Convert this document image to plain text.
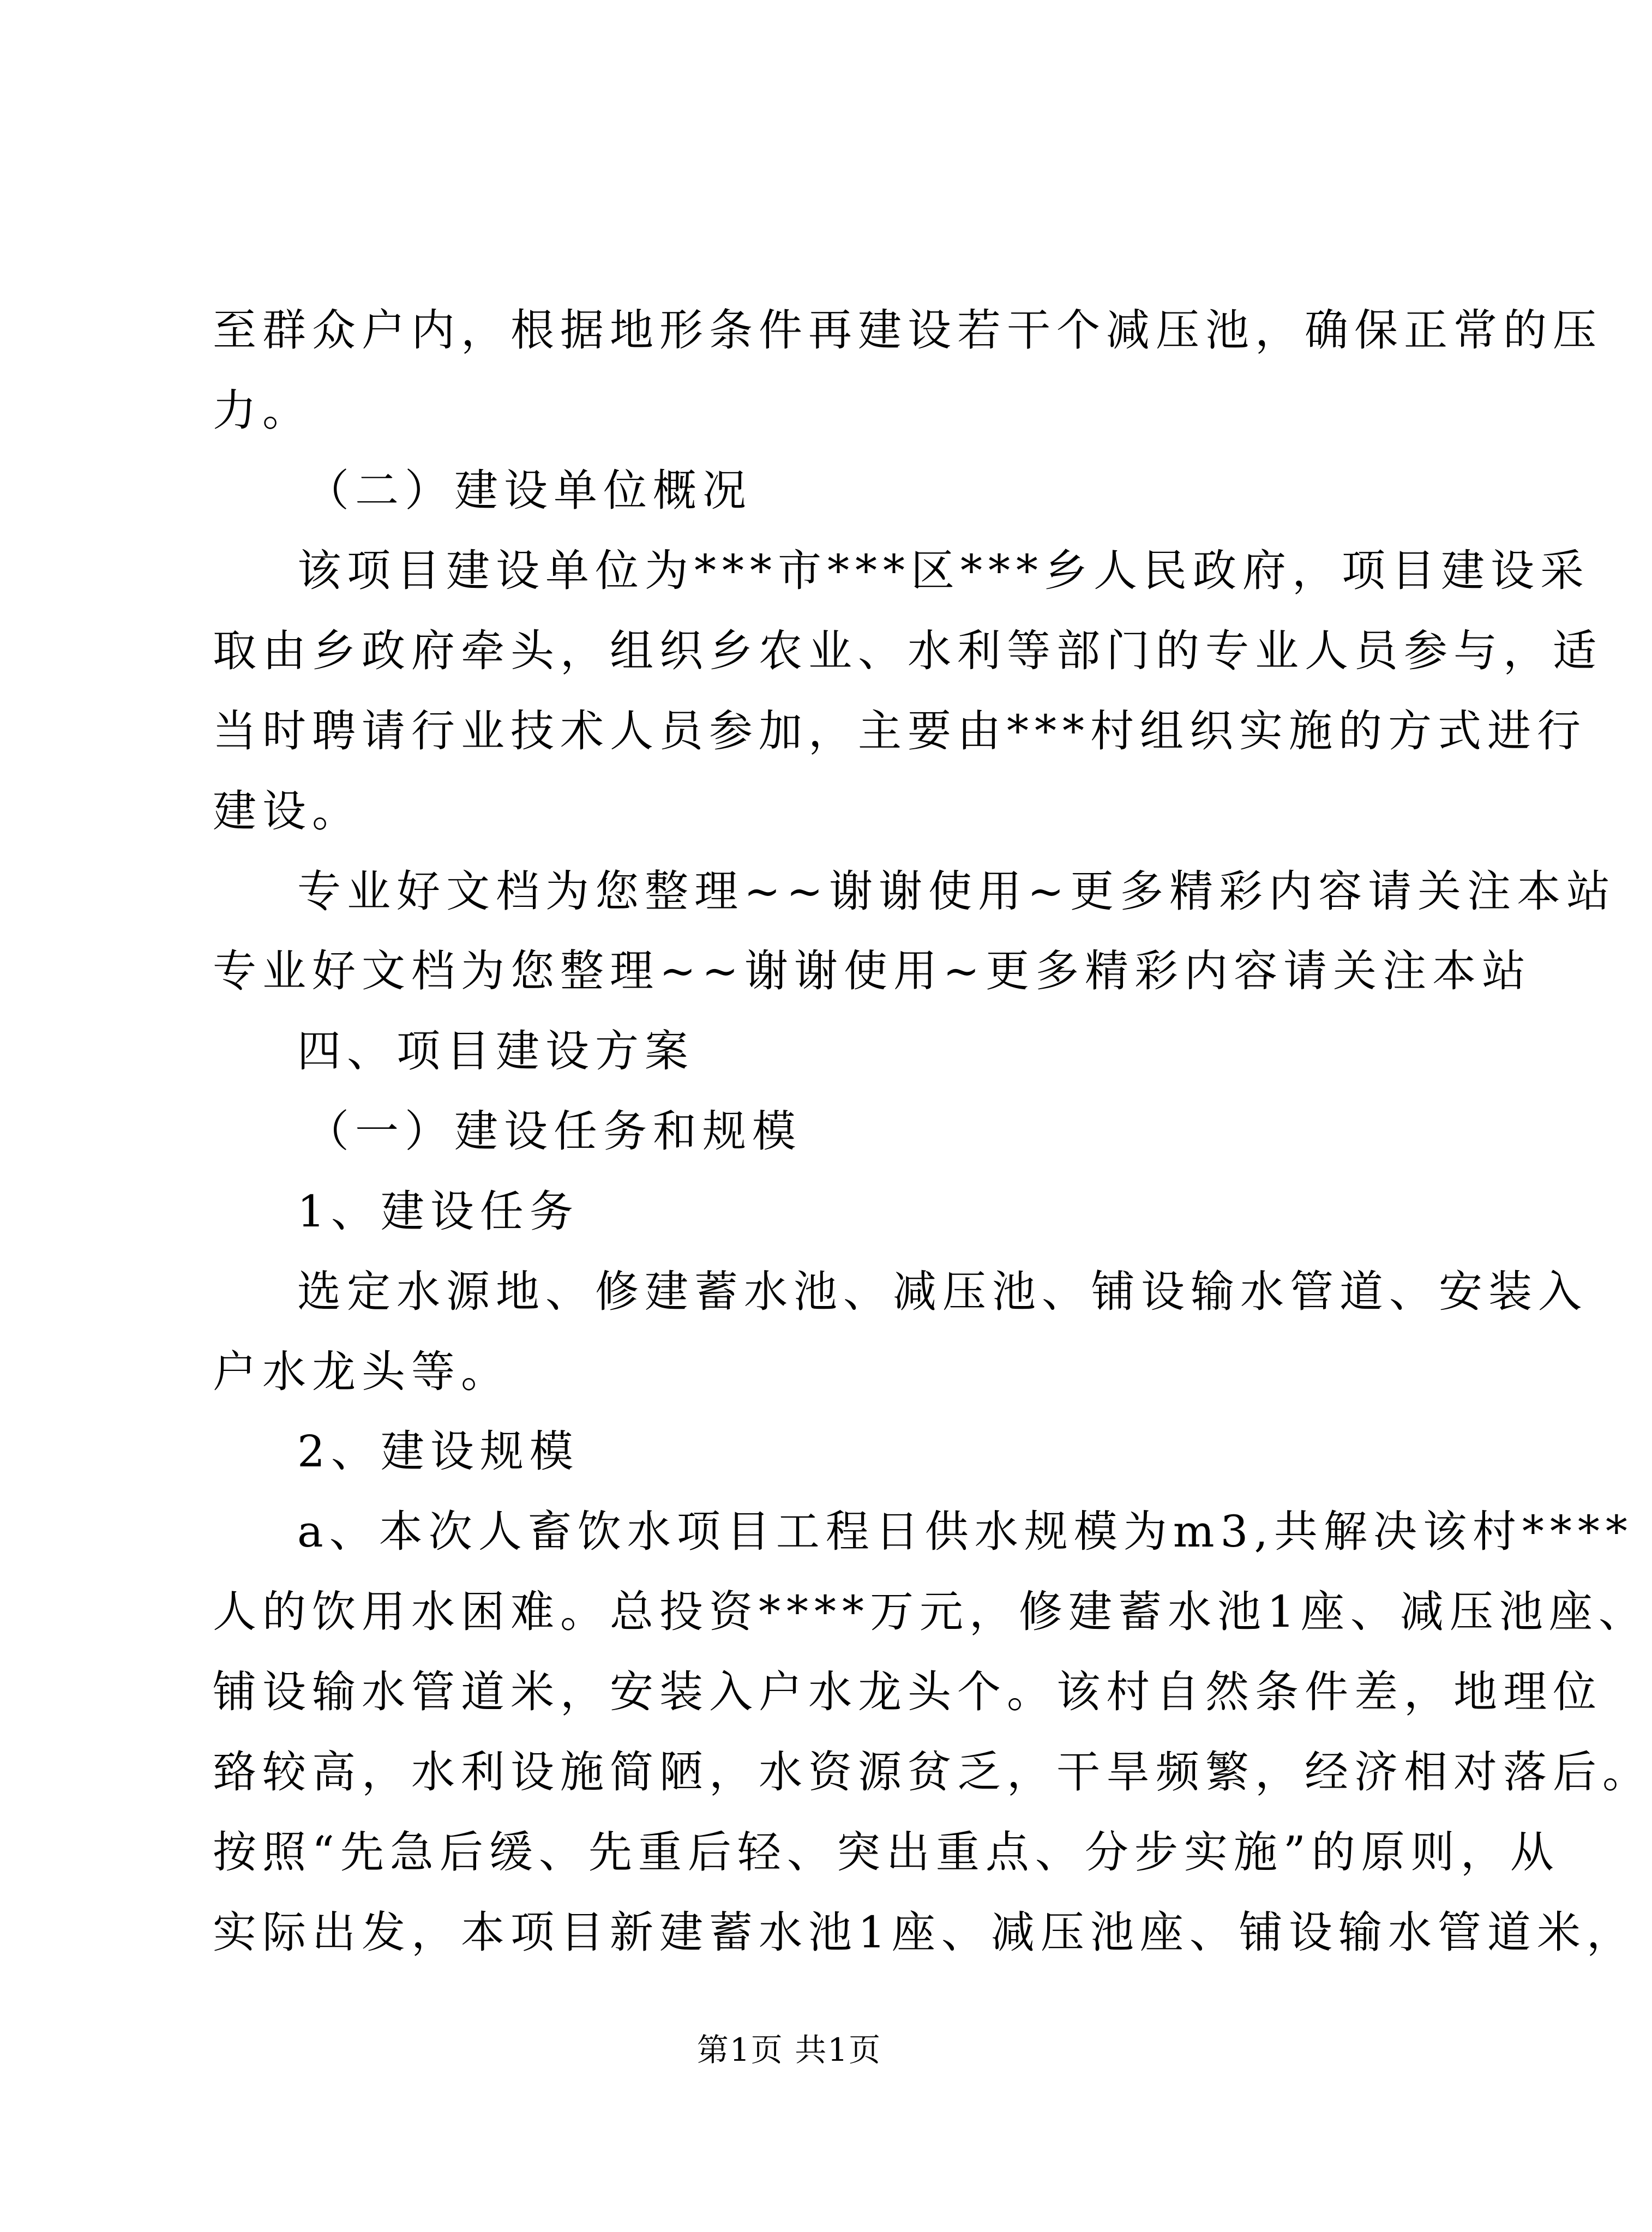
至群众户内，根据地形条件再建设若干个减压池，确保正常的压
力。
（二）建设单位概况
该项目建设单位为***市***区***乡人民政府，项目建设采
取由乡政府牵头，组织乡农业、水利等部门的专业人员参与，适
当时聘请行业技术人员参加，主要由***村组织实施的方式进行
建设。
专业好文档为您整理~~谢谢使用~更多精彩内容请关注本站
专业好文档为您整理~~谢谢使用~更多精彩内容请关注本站
四、项目建设方案
（一）建设任务和规模
1、建设任务
选定水源地、修建蓄水池、减压池、铺设输水管道、安装入
户水龙头等。
2、建设规模
a、本次人畜饮水项目工程日供水规模为m3,共解决该村****
人的饮用水困难。总投资****万元，修建蓄水池1座、减压池座、
铺设输水管道米，安装入户水龙头个。该村自然条件差，地理位
臵较高，水利设施简陋，水资源贫乏，干旱频繁，经济相对落后。
按照“先急后缓、先重后轻、突出重点、分步实施”的原则，从
实际出发，本项目新建蓄水池1座、减压池座、铺设输水管道米，
第1页 共1页
